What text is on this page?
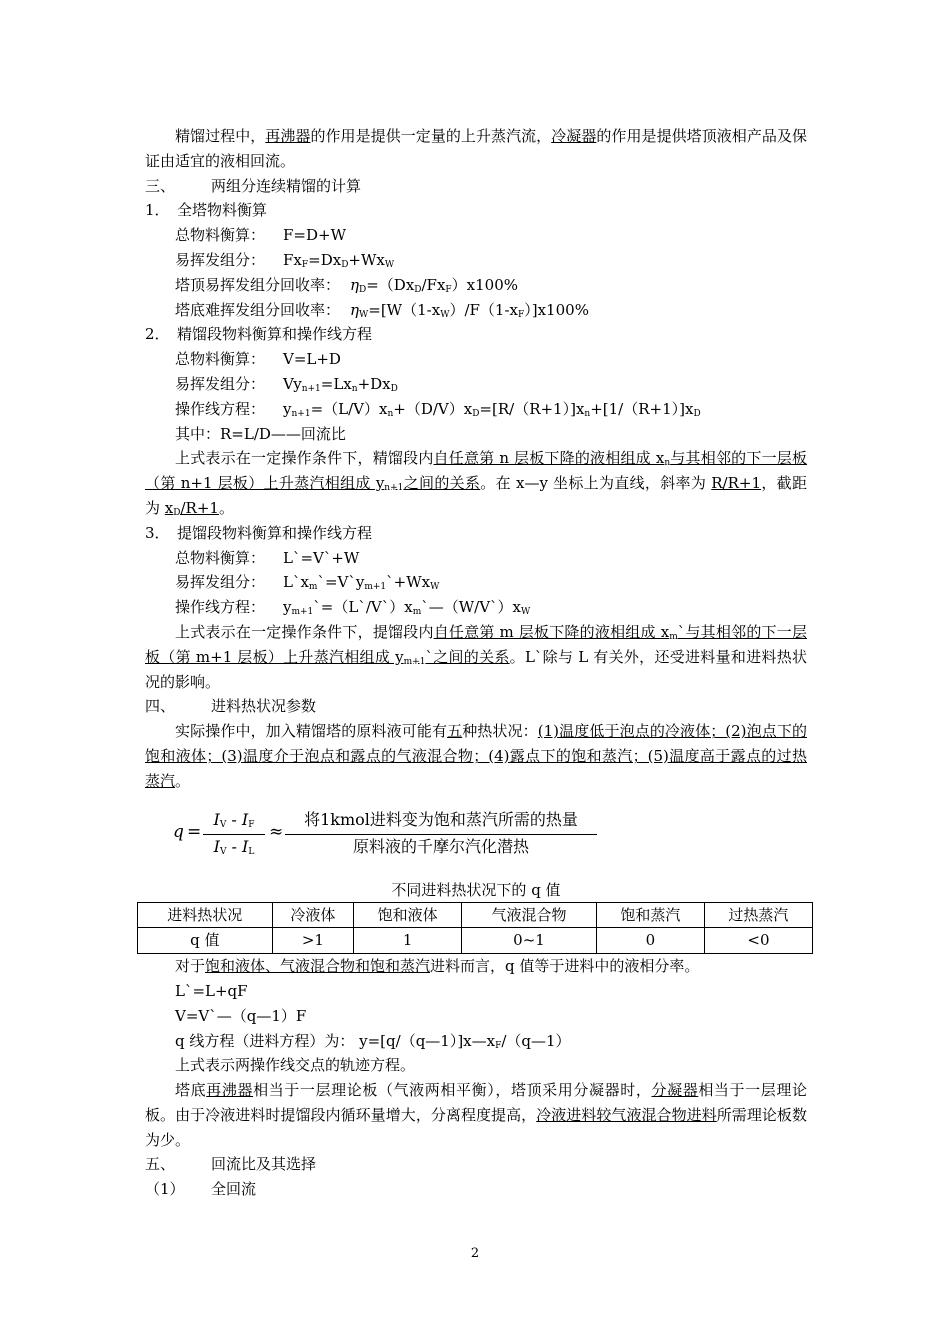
精馏过程中，再沸器的作用是提供一定量的上升蒸汽流，冷凝器的作用是提供塔顶液相产品及保证由适宜的液相回流。
三、 两组分连续精馏的计算
1． 全塔物料衡算
总物料衡算： F=D+W
易挥发组分： $Fx_F=Dx_D+Wx_W$
塔顶易挥发组分回收率： $\eta_D=(Dx_D/Fx_F)x100\%$
塔底难挥发组分回收率： $\eta_W=[W(1-x_W)/F(1-x_F)]x100\%$
2． 精馏段物料衡算和操作线方程
总物料衡算： V=L+D
易挥发组分： $Vy_{n+1}=Lx_n+Dx_D$
操作线方程： $y_{n+1}=(L/V)x_n+(D/V)x_D=[R/(R+1)]x_n+[1/(R+1)]x_D$
其中：R=L/D——回流比
上式表示在一定操作条件下，精馏段内自任意第 n 层板下降的液相组成 $x_n$与其相邻的下一层板（第 n+1 层板）上升蒸汽相组成 $y_{n+1}$之间的关系。在 x—y 坐标上为直线，斜率为 R/R+1，截距为 $x_D/R+1$。
3． 提馏段物料衡算和操作线方程
总物料衡算： L`=V`+W
易挥发组分： $L`x_m`=V`y_{m+1}`+Wx_W$
操作线方程： $y_{m+1}`=(L`/V`)x_m`—(W/V`)x_W$
上式表示在一定操作条件下，提馏段内自任意第 m 层板下降的液相组成 $x_m`$与其相邻的下一层板（第 m+1 层板）上升蒸汽相组成 $y_{m+1}`$之间的关系。L`除与 L 有关外，还受进料量和进料热状况的影响。
四、 进料热状况参数
实际操作中，加入精馏塔的原料液可能有五种热状况：(1)温度低于泡点的冷液体；(2)泡点下的饱和液体；(3)温度介于泡点和露点的气液混合物；(4)露点下的饱和蒸汽；(5)温度高于露点的过热蒸汽。
q =
$I_V - I_F$
$I_V - I_L$
≈
将1kmol进料变为饱和蒸汽所需的热量
原料液的千摩尔汽化潜热
不同进料热状况下的 q 值
进料热状况	冷液体	饱和液体	气液混合物	饱和蒸汽	过热蒸汽
q 值	>1	1	0~1	0	<0
对于饱和液体、气液混合物和饱和蒸汽进料而言，q 值等于进料中的液相分率。
L`=L+qF
V=V`—（q—1）F
q 线方程（进料方程）为： $y=[q/(q—1)]x—x_F/(q—1)$
上式表示两操作线交点的轨迹方程。
塔底再沸器相当于一层理论板（气液两相平衡），塔顶采用分凝器时，分凝器相当于一层理论板。由于冷液进料时提馏段内循环量增大，分离程度提高，冷液进料较气液混合物进料所需理论板数为少。
五、 回流比及其选择
（1） 全回流
2
